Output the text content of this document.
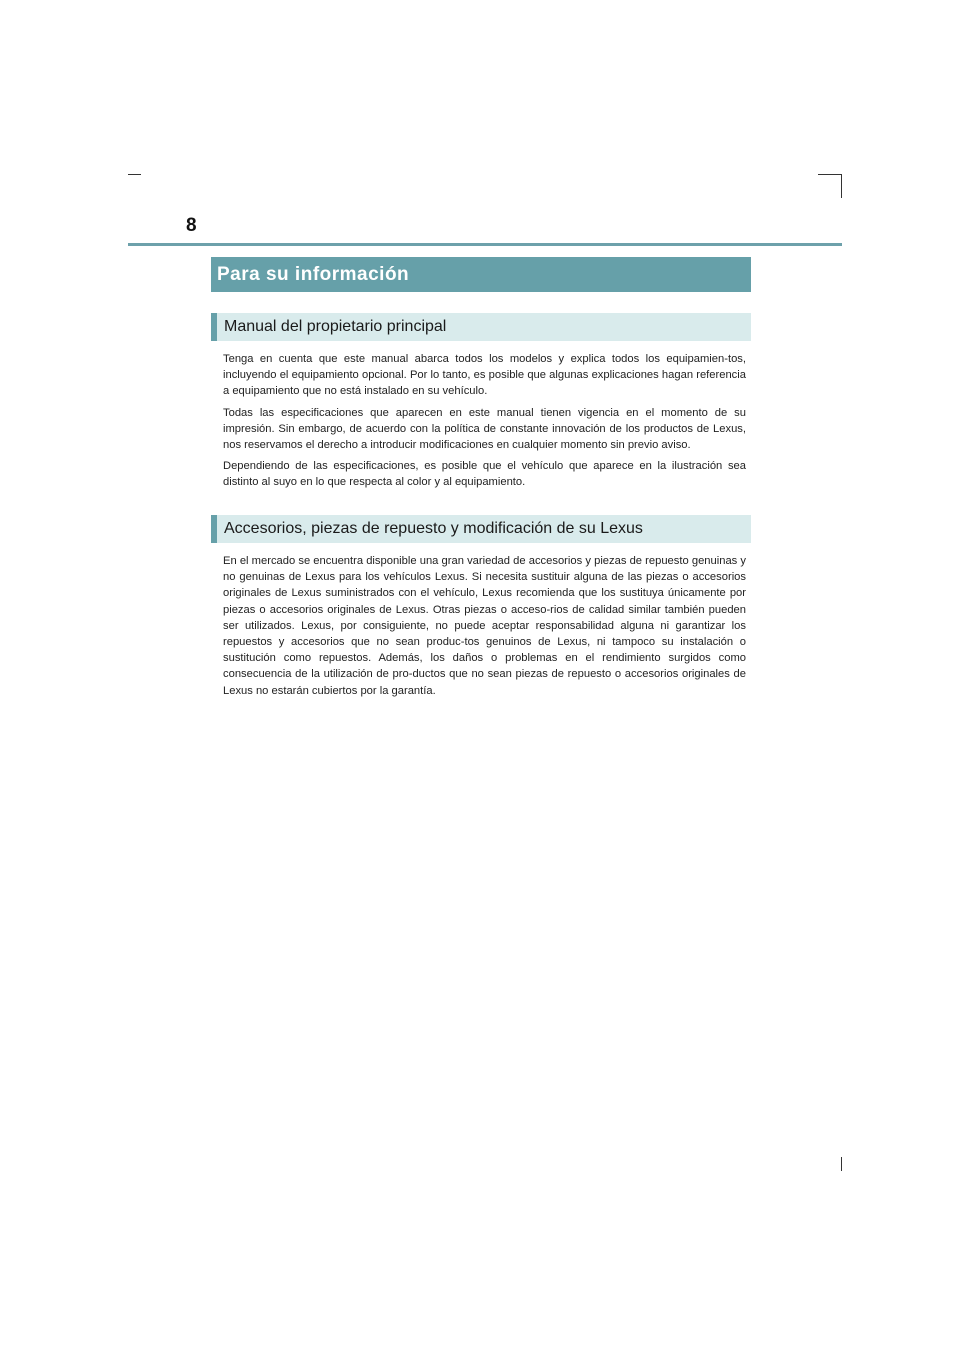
8
Para su información
Manual del propietario principal

Tenga en cuenta que este manual abarca todos los modelos y explica todos los equipamien-tos, incluyendo el equipamiento opcional. Por lo tanto, es posible que algunas explicaciones hagan referencia a equipamiento que no está instalado en su vehículo.

Todas las especificaciones que aparecen en este manual tienen vigencia en el momento de su impresión. Sin embargo, de acuerdo con la política de constante innovación de los productos de Lexus, nos reservamos el derecho a introducir modificaciones en cualquier momento sin previo aviso.

Dependiendo de las especificaciones, es posible que el vehículo que aparece en la ilustración sea distinto al suyo en lo que respecta al color y al equipamiento.

Accesorios, piezas de repuesto y modificación de su Lexus

En el mercado se encuentra disponible una gran variedad de accesorios y piezas de repuesto genuinas y no genuinas de Lexus para los vehículos Lexus. Si necesita sustituir alguna de las piezas o accesorios originales de Lexus suministrados con el vehículo, Lexus recomienda que los sustituya únicamente por piezas o accesorios originales de Lexus. Otras piezas o acceso-rios de calidad similar también pueden ser utilizados. Lexus, por consiguiente, no puede aceptar responsabilidad alguna ni garantizar los repuestos y accesorios que no sean produc-tos genuinos de Lexus, ni tampoco su instalación o sustitución como repuestos. Además, los daños o problemas en el rendimiento surgidos como consecuencia de la utilización de pro-ductos que no sean piezas de repuesto o accesorios originales de Lexus no estarán cubiertos por la garantía.
